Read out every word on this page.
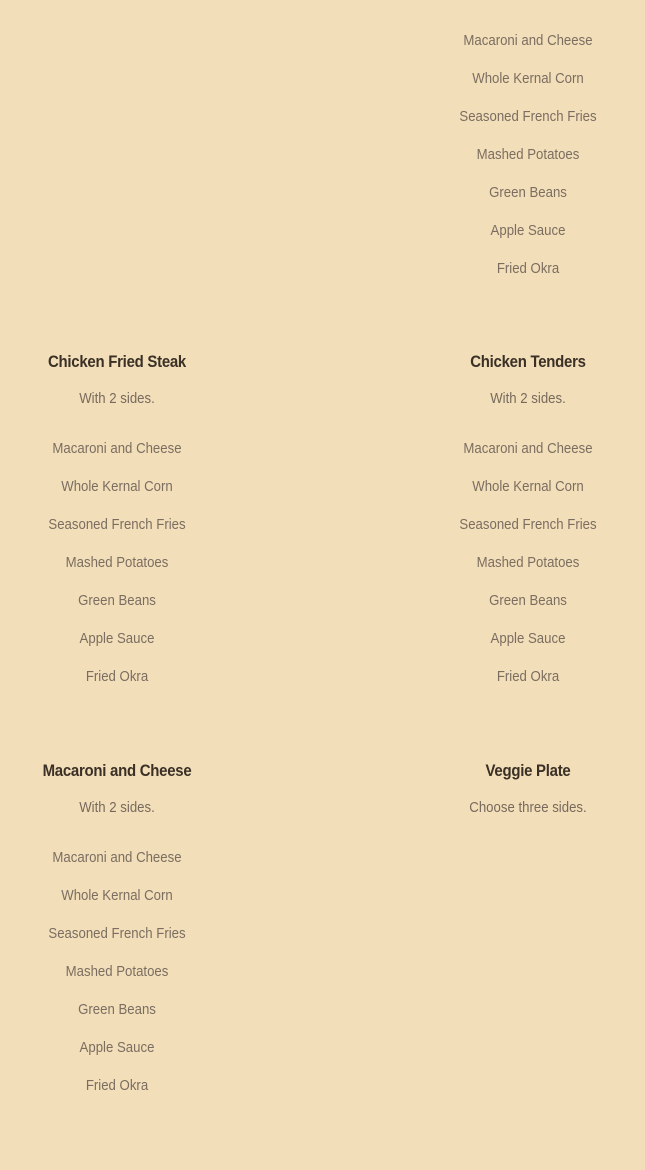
Macaroni and Cheese
Whole Kernal Corn
Seasoned French Fries
Mashed Potatoes
Green Beans
Apple Sauce
Fried Okra
Chicken Fried Steak

With 2 sides.

Macaroni and Cheese
Whole Kernal Corn
Seasoned French Fries
Mashed Potatoes
Green Beans
Apple Sauce
Fried Okra
Chicken Tenders

With 2 sides.

Macaroni and Cheese
Whole Kernal Corn
Seasoned French Fries
Mashed Potatoes
Green Beans
Apple Sauce
Fried Okra
Macaroni and Cheese

With 2 sides.

Macaroni and Cheese
Whole Kernal Corn
Seasoned French Fries
Mashed Potatoes
Green Beans
Apple Sauce
Fried Okra
Veggie Plate

Choose three sides.
